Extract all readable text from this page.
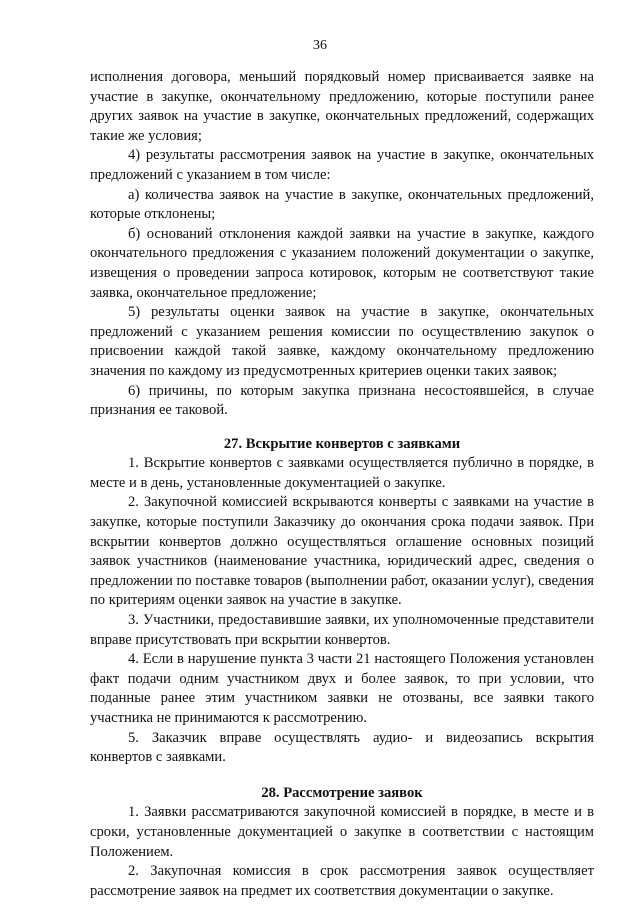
36

исполнения договора, меньший порядковый номер присваивается заявке на участие в закупке, окончательному предложению, которые поступили ранее других заявок на участие в закупке, окончательных предложений, содержащих такие же условия;

4) результаты рассмотрения заявок на участие в закупке, окончательных предложений с указанием в том числе:

а) количества заявок на участие в закупке, окончательных предложений, которые отклонены;

б) оснований отклонения каждой заявки на участие в закупке, каждого окончательного предложения с указанием положений документации о закупке, извещения о проведении запроса котировок, которым не соответствуют такие заявка, окончательное предложение;

5) результаты оценки заявок на участие в закупке, окончательных предложений с указанием решения комиссии по осуществлению закупок о присвоении каждой такой заявке, каждому окончательному предложению значения по каждому из предусмотренных критериев оценки таких заявок;

6) причины, по которым закупка признана несостоявшейся, в случае признания ее таковой.

27. Вскрытие конвертов с заявками

1. Вскрытие конвертов с заявками осуществляется публично в порядке, в месте и в день, установленные документацией о закупке.

2. Закупочной комиссией вскрываются конверты с заявками на участие в закупке, которые поступили Заказчику до окончания срока подачи заявок. При вскрытии конвертов должно осуществляться оглашение основных позиций заявок участников (наименование участника, юридический адрес, сведения о предложении по поставке товаров (выполнении работ, оказании услуг), сведения по критериям оценки заявок на участие в закупке.

3. Участники, предоставившие заявки, их уполномоченные представители вправе присутствовать при вскрытии конвертов.

4. Если в нарушение пункта 3 части 21 настоящего Положения установлен факт подачи одним участником двух и более заявок, то при условии, что поданные ранее этим участником заявки не отозваны, все заявки такого участника не принимаются к рассмотрению.

5. Заказчик вправе осуществлять аудио- и видеозапись вскрытия конвертов с заявками.

28. Рассмотрение заявок

1. Заявки рассматриваются закупочной комиссией в порядке, в месте и в сроки, установленные документацией о закупке в соответствии с настоящим Положением.

2. Закупочная комиссия в срок рассмотрения заявок осуществляет рассмотрение заявок на предмет их соответствия документации о закупке.
